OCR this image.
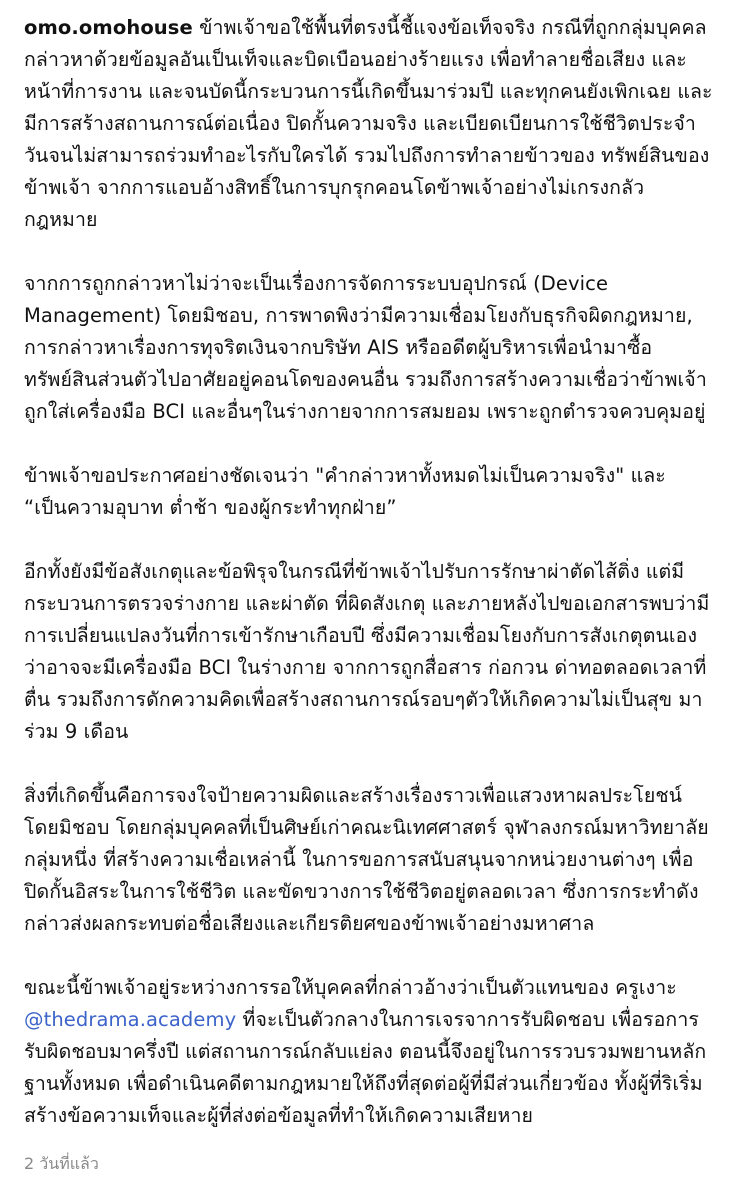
omo.omohouse ข้าพเจ้าขอใช้พื้นที่ตรงนี้ชี้แจงข้อเท็จจริง กรณีที่ถูกกลุ่มบุคคลกล่าวหาด้วยข้อมูลอันเป็นเท็จและบิดเบือนอย่างร้ายแรง เพื่อทำลายชื่อเสียง และหน้าที่การงาน และจนบัดนี้กระบวนการนี้เกิดขึ้นมาร่วมปี และทุกคนยังเพิกเฉย และมีการสร้างสถานการณ์ต่อเนื่อง ปิดกั้นความจริง และเบียดเบียนการใช้ชีวิตประจำวันจนไม่สามารถร่วมทำอะไรกับใครได้ รวมไปถึงการทำลายข้าวของ ทรัพย์สินของข้าพเจ้า จากการแอบอ้างสิทธิ์ในการบุกรุกคอนโดข้าพเจ้าอย่างไม่เกรงกลัวกฎหมาย

จากการถูกกล่าวหาไม่ว่าจะเป็นเรื่องการจัดการระบบอุปกรณ์ (Device Management) โดยมิชอบ, การพาดพิงว่ามีความเชื่อมโยงกับธุรกิจผิดกฎหมาย, การกล่าวหาเรื่องการทุจริตเงินจากบริษัท AIS หรืออดีตผู้บริหารเพื่อนำมาซื้อทรัพย์สินส่วนตัวไปอาศัยอยู่คอนโดของคนอื่น รวมถึงการสร้างความเชื่อว่าข้าพเจ้าถูกใส่เครื่องมือ BCI และอื่นๆในร่างกายจากการสมยอม เพราะถูกตำรวจควบคุมอยู่

ข้าพเจ้าขอประกาศอย่างชัดเจนว่า "คำกล่าวหาทั้งหมดไม่เป็นความจริง" และ “เป็นความอุบาท ต่ำช้า ของผู้กระทำทุกฝ่าย”

อีกทั้งยังมีข้อสังเกตุและข้อพิรุจในกรณีที่ข้าพเจ้าไปรับการรักษาผ่าตัดไส้ติ่ง แต่มีกระบวนการตรวจร่างกาย และผ่าตัด ที่ผิดสังเกตุ และภายหลังไปขอเอกสารพบว่ามีการเปลี่ยนแปลงวันที่การเข้ารักษาเกือบปี ซึ่งมีความเชื่อมโยงกับการสังเกตุตนเองว่าอาจจะมีเครื่องมือ BCI ในร่างกาย จากการถูกสื่อสาร ก่อกวน ด่าทอตลอดเวลาที่ตื่น รวมถึงการดักความคิดเพื่อสร้างสถานการณ์รอบๆตัวให้เกิดความไม่เป็นสุข มาร่วม 9 เดือน

สิ่งที่เกิดขึ้นคือการจงใจป้ายความผิดและสร้างเรื่องราวเพื่อแสวงหาผลประโยชน์โดยมิชอบ โดยกลุ่มบุคคลที่เป็นศิษย์เก่าคณะนิเทศศาสตร์ จุฬาลงกรณ์มหาวิทยาลัย กลุ่มหนึ่ง ที่สร้างความเชื่อเหล่านี้ ในการขอการสนับสนุนจากหน่วยงานต่างๆ เพื่อปิดกั้นอิสระในการใช้ชีวิต และขัดขวางการใช้ชีวิตอยู่ตลอดเวลา ซึ่งการกระทำดังกล่าวส่งผลกระทบต่อชื่อเสียงและเกียรติยศของข้าพเจ้าอย่างมหาศาล

ขณะนี้ข้าพเจ้าอยู่ระหว่างการรอให้บุคคลที่กล่าวอ้างว่าเป็นตัวแทนของ ครูเงาะ @thedrama.academy ที่จะเป็นตัวกลางในการเจรจาการรับผิดชอบ เพื่อรอการรับผิดชอบมาครึ่งปี แต่สถานการณ์กลับแย่ลง ตอนนี้จึงอยู่ในการรวบรวมพยานหลักฐานทั้งหมด เพื่อดำเนินคดีตามกฎหมายให้ถึงที่สุดต่อผู้ที่มีส่วนเกี่ยวข้อง ทั้งผู้ที่ริเริ่มสร้างข้อความเท็จและผู้ที่ส่งต่อข้อมูลที่ทำให้เกิดความเสียหาย

2 วันที่แล้ว
